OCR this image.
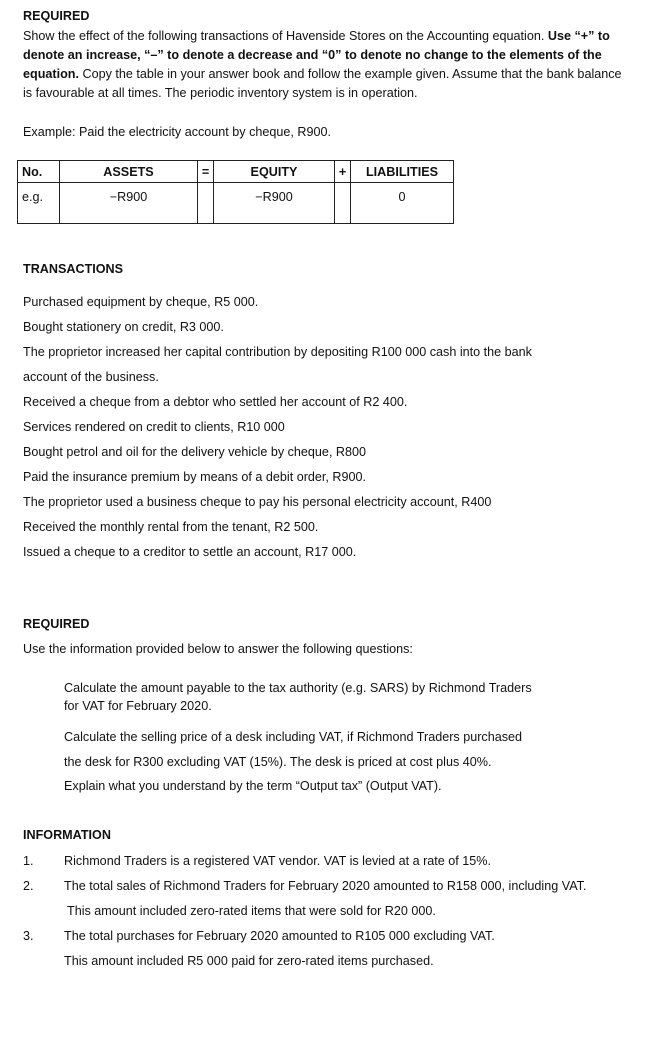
REQUIRED
Show the effect of the following transactions of Havenside Stores on the Accounting equation. Use “+” to
denote an increase, “–” to denote a decrease and “0” to denote no change to the elements of the
equation. Copy the table in your answer book and follow the example given. Assume that the bank balance
is favourable at all times. The periodic inventory system is in operation.
Example: Paid the electricity account by cheque, R900.
No.	ASSETS	=	EQUITY	+	LIABILITIES
e.g.	−R900		−R900		0
TRANSACTIONS
Purchased equipment by cheque, R5 000.
Bought stationery on credit, R3 000.
The proprietor increased her capital contribution by depositing R100 000 cash into the bank
account of the business.
Received a cheque from a debtor who settled her account of R2 400.
Services rendered on credit to clients, R10 000
Bought petrol and oil for the delivery vehicle by cheque, R800
Paid the insurance premium by means of a debit order, R900.
The proprietor used a business cheque to pay his personal electricity account, R400
Received the monthly rental from the tenant, R2 500.
Issued a cheque to a creditor to settle an account, R17 000.
REQUIRED
Use the information provided below to answer the following questions:
Calculate the amount payable to the tax authority (e.g. SARS) by Richmond Traders
for VAT for February 2020.
Calculate the selling price of a desk including VAT, if Richmond Traders purchased
the desk for R300 excluding VAT (15%). The desk is priced at cost plus 40%.
Explain what you understand by the term “Output tax” (Output VAT).
INFORMATION
1. Richmond Traders is a registered VAT vendor. VAT is levied at a rate of 15%.
2. The total sales of Richmond Traders for February 2020 amounted to R158 000, including VAT.
This amount included zero-rated items that were sold for R20 000.
3. The total purchases for February 2020 amounted to R105 000 excluding VAT.
This amount included R5 000 paid for zero-rated items purchased.
